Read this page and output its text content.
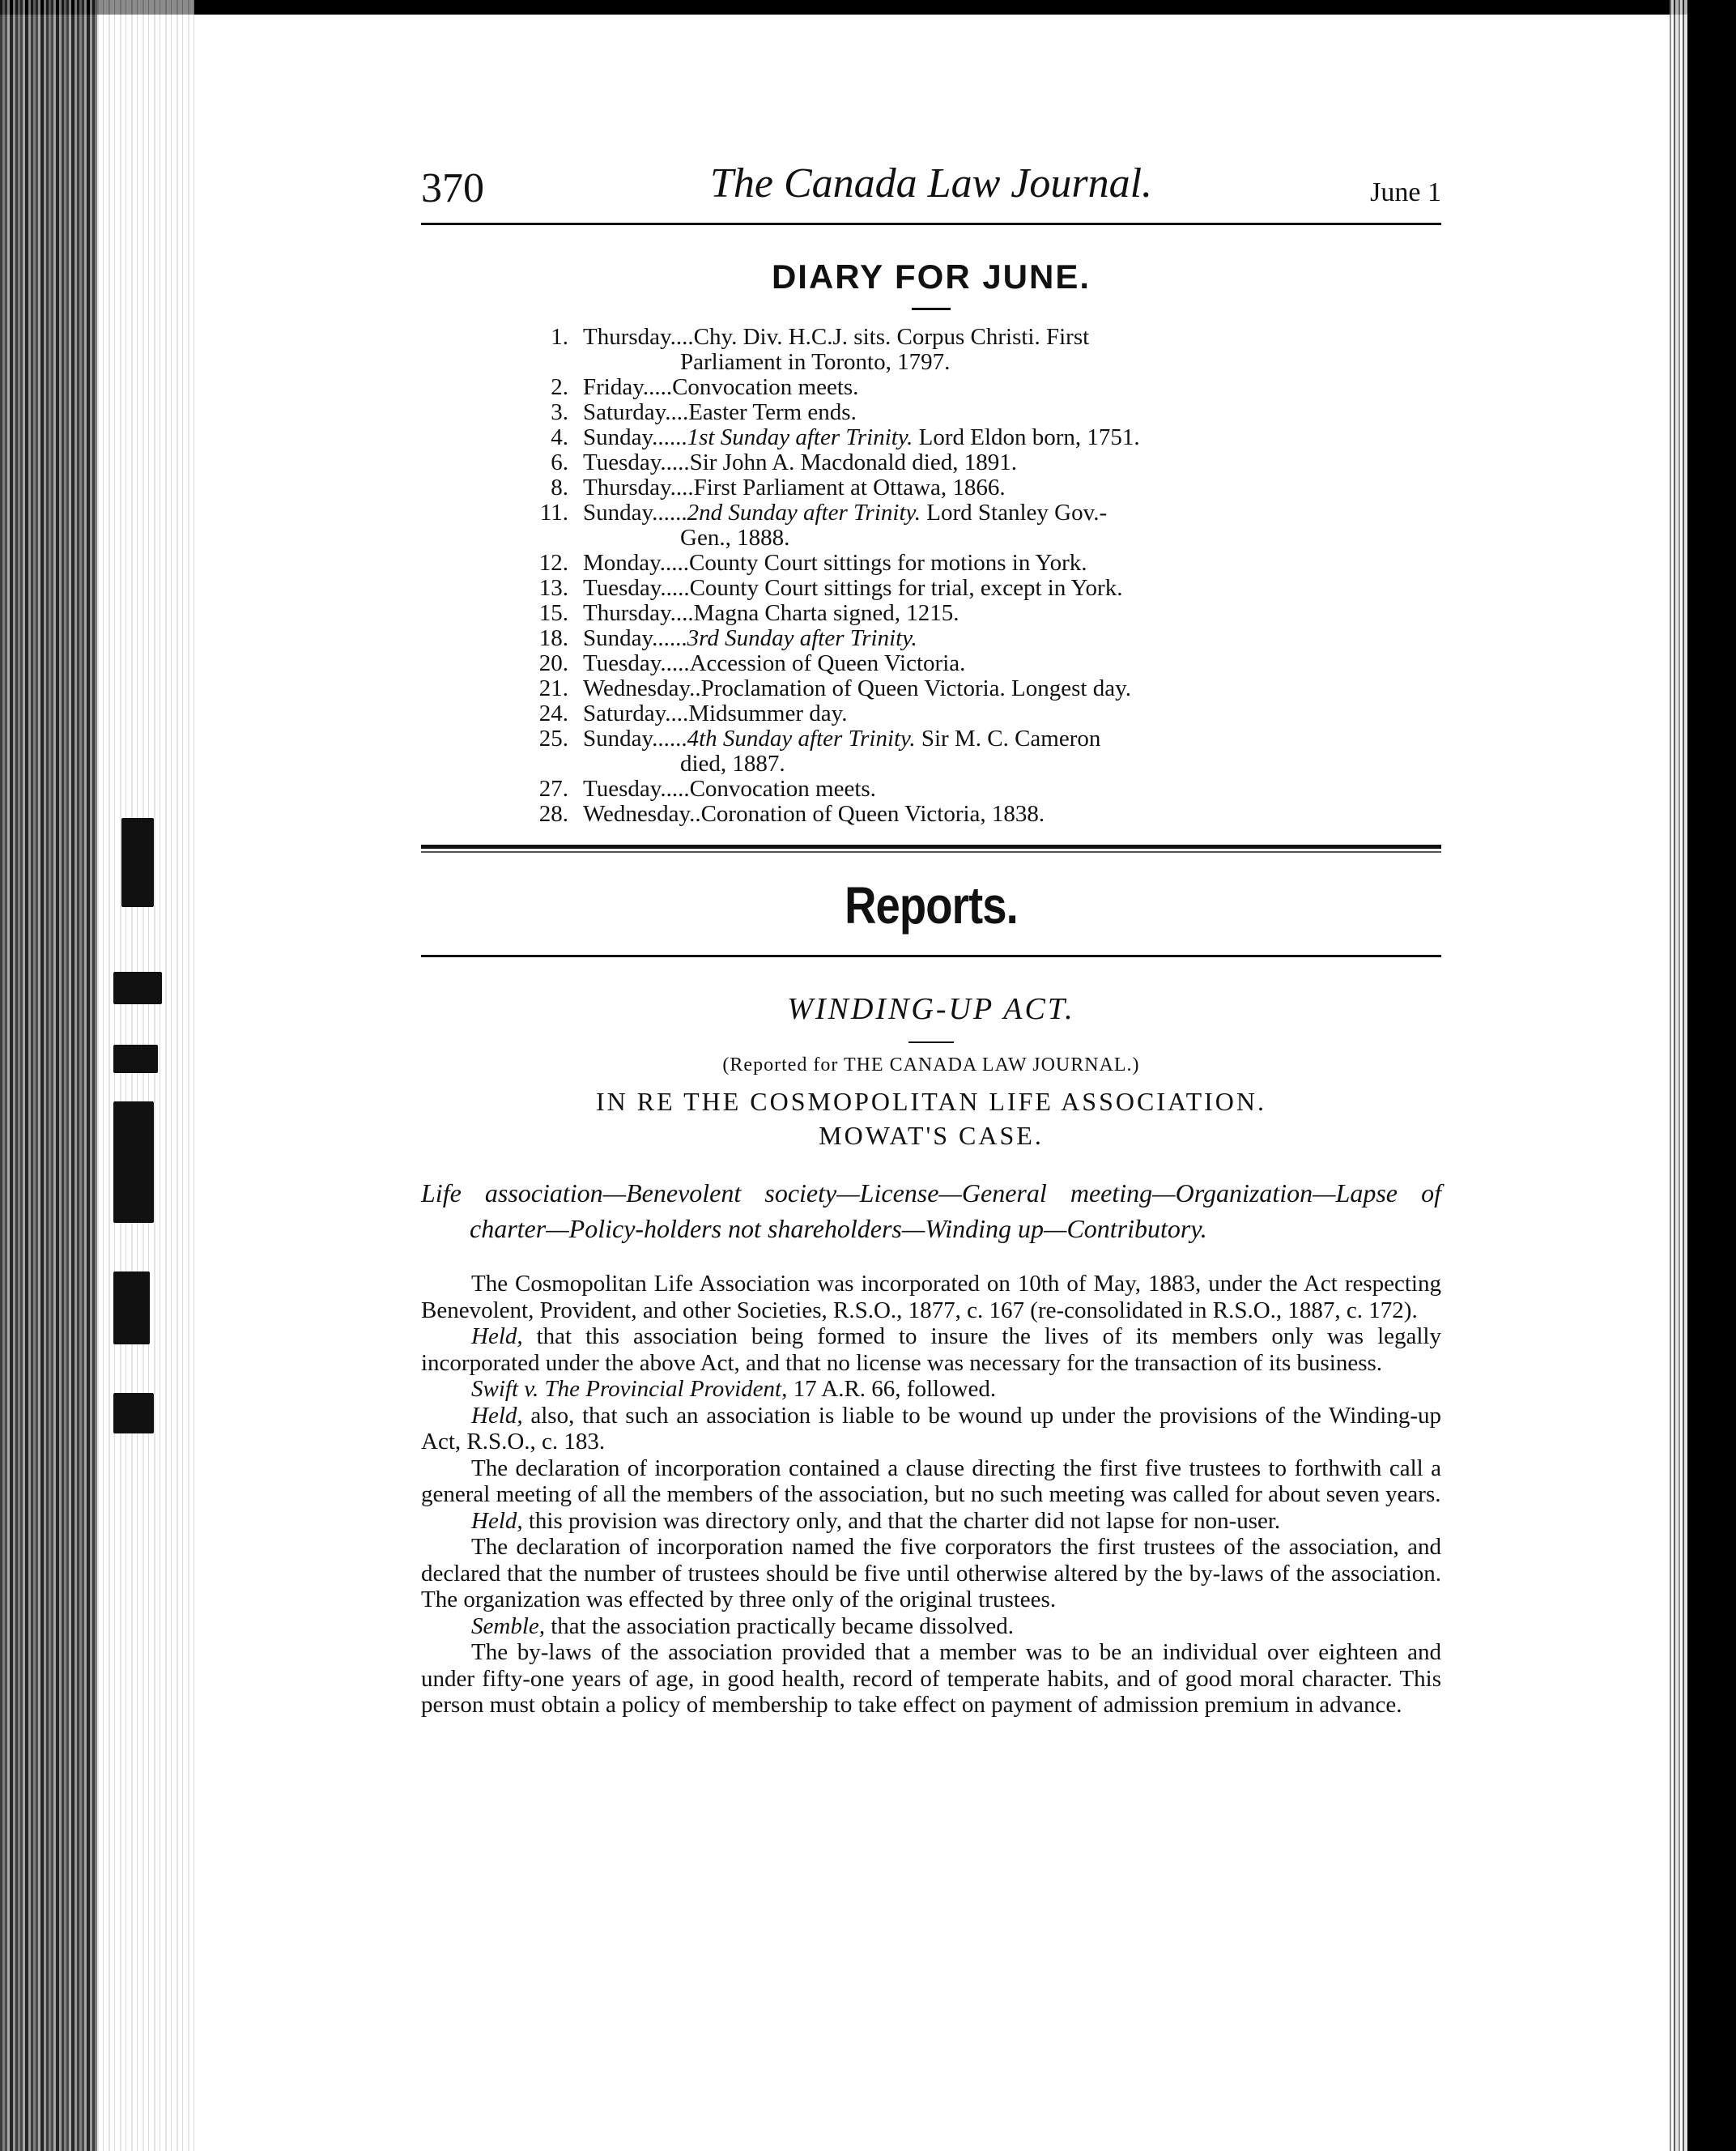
370	The Canada Law Journal.	June 1
DIARY FOR JUNE.
1. Thursday....Chy. Div. H.C.J. sits. Corpus Christi. First
Parliament in Toronto, 1797.
2. Friday.....Convocation meets.
3. Saturday....Easter Term ends.
4. Sunday......1st Sunday after Trinity. Lord Eldon born, 1751.
6. Tuesday.....Sir John A. Macdonald died, 1891.
8. Thursday....First Parliament at Ottawa, 1866.
11. Sunday......2nd Sunday after Trinity. Lord Stanley Gov.-
Gen., 1888.
12. Monday.....County Court sittings for motions in York.
13. Tuesday.....County Court sittings for trial, except in York.
15. Thursday....Magna Charta signed, 1215.
18. Sunday......3rd Sunday after Trinity.
20. Tuesday.....Accession of Queen Victoria.
21. Wednesday..Proclamation of Queen Victoria. Longest day.
24. Saturday....Midsummer day.
25. Sunday......4th Sunday after Trinity. Sir M. C. Cameron
died, 1887.
27. Tuesday.....Convocation meets.
28. Wednesday..Coronation of Queen Victoria, 1838.
Reports.
WINDING-UP ACT.
(Reported for THE CANADA LAW JOURNAL.)
IN RE THE COSMOPOLITAN LIFE ASSOCIATION.
MOWAT'S CASE.
Life association—Benevolent society—License—General meeting—Organization—Lapse of charter—Policy-holders not shareholders—Winding up—Contributory.

The Cosmopolitan Life Association was incorporated on 10th of May, 1883, under the Act respecting Benevolent, Provident, and other Societies, R.S.O., 1877, c. 167 (re-consolidated in R.S.O., 1887, c. 172).

Held, that this association being formed to insure the lives of its members only was legally incorporated under the above Act, and that no license was necessary for the transaction of its business.

Swift v. The Provincial Provident, 17 A.R. 66, followed.

Held, also, that such an association is liable to be wound up under the provisions of the Winding-up Act, R.S.O., c. 183.

The declaration of incorporation contained a clause directing the first five trustees to forthwith call a general meeting of all the members of the association, but no such meeting was called for about seven years.

Held, this provision was directory only, and that the charter did not lapse for non-user.

The declaration of incorporation named the five corporators the first trustees of the association, and declared that the number of trustees should be five until otherwise altered by the by-laws of the association. The organization was effected by three only of the original trustees.

Semble, that the association practically became dissolved.

The by-laws of the association provided that a member was to be an individual over eighteen and under fifty-one years of age, in good health, record of temperate habits, and of good moral character. This person must obtain a policy of membership to take effect on payment of admission premium in advance.
